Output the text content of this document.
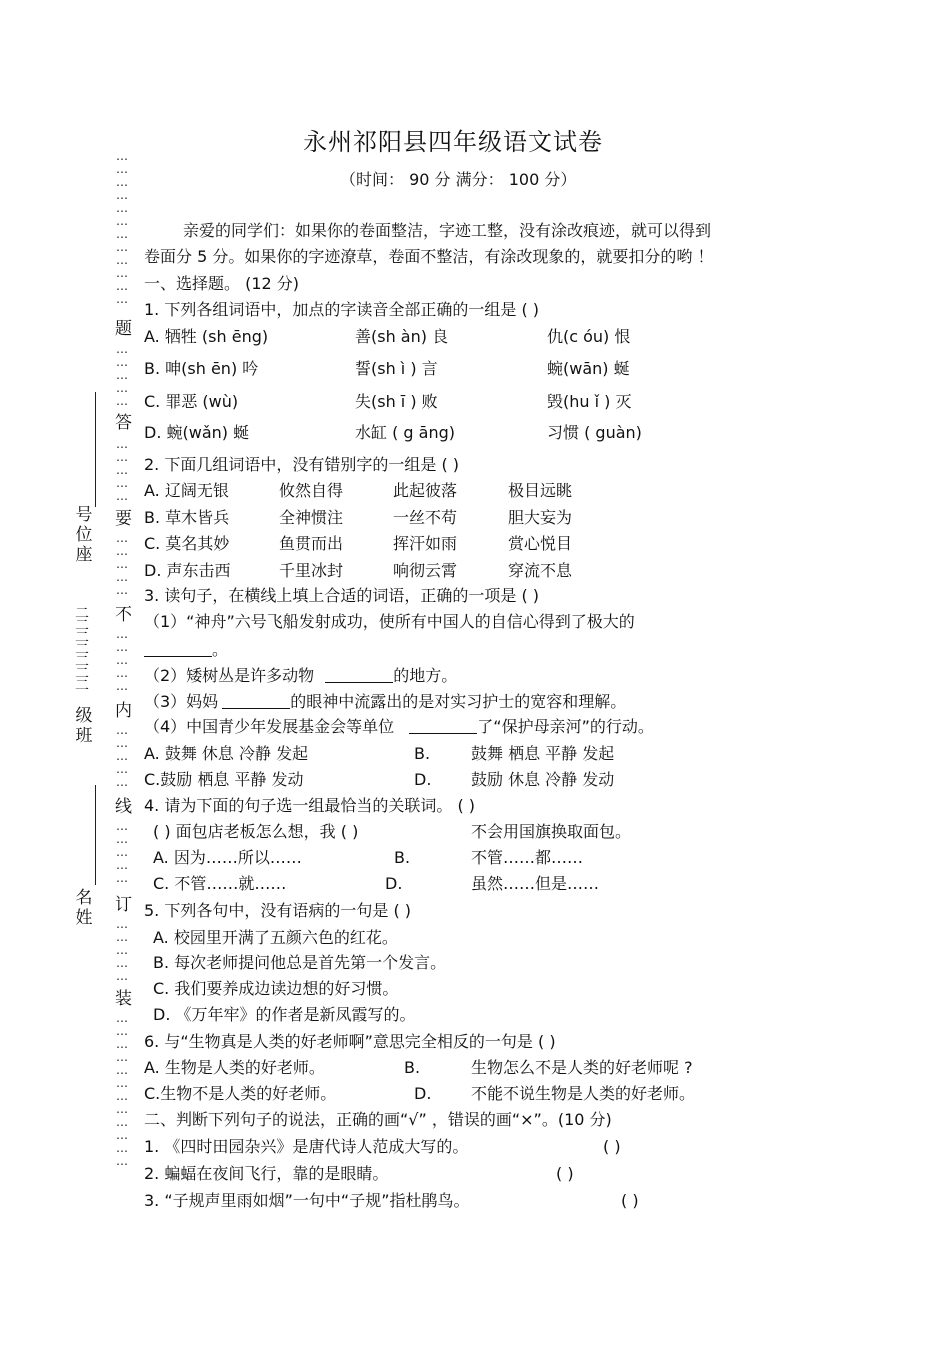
…
…
…
…
…
…
…
…
…
…
…
…
题
…
…
…
…
…
答
…
…
…
…
…
要
…
…
…
…
…
不
…
…
…
…
…
内
…
…
…
…
…
线
…
…
…
…
…
订
…
…
…
…
…
装
…
…
…
…
…
…
…
…
…
…
…
…
号位座
二二二二二二二
级班
名姓
永州祁阳县四年级语文试卷
（时间： 90 分 满分： 100 分）
亲爱的同学们：如果你的卷面整洁，字迹工整，没有涂改痕迹，就可以得到
卷面分 5 分。如果你的字迹潦草，卷面不整洁，有涂改现象的，就要扣分的哟 ！
一、选择题。 (12 分)
1. 下列各组词语中，加点的字读音全部正确的一组是 ( )
A. 牺牲 (sh ēng)	善(sh àn) 良	仇(c óu) 恨
B. 呻(sh ēn) 吟	誓(sh ì ) 言	蜿(wān) 蜒
C. 罪恶 (wù)	失(sh ī ) 败	毁(hu ǐ ) 灭
D. 蜿(wǎn) 蜒	水缸 ( g āng)	习惯 ( guàn)
2. 下面几组词语中，没有错别字的一组是 ( )
A. 辽阔无银	攸然自得	此起彼落	极目远眺
B. 草木皆兵	全神惯注	一丝不苟	胆大妄为
C. 莫名其妙	鱼贯而出	挥汗如雨	赏心悦目
D. 声东击西	千里冰封	响彻云霄	穿流不息
3. 读句子，在横线上填上合适的词语，正确的一项是 ( )
（1）“神舟”六号飞船发射成功，使所有中国人的自信心得到了极大的
。
（2）矮树丛是许多动物	的地方。
（3）妈妈	的眼神中流露出的是对实习护士的宽容和理解。
（4）中国青少年发展基金会等单位	了“保护母亲河”的行动。
A. 鼓舞 休息 冷静 发起	B.	鼓舞 栖息 平静 发起
C.鼓励 栖息 平静 发动	D. 鼓励 休息 冷静 发动
4. 请为下面的句子选一组最恰当的关联词。 ( )
( ) 面包店老板怎么想，我 ( )	不会用国旗换取面包。
A. 因为……所以……	B.	不管……都……
C. 不管……就……	D.	虽然……但是……
5. 下列各句中，没有语病的一句是 ( )
A. 校园里开满了五颜六色的红花。
B. 每次老师提问他总是首先第一个发言。
C. 我们要养成边读边想的好习惯。
D. 《万年牢》的作者是新凤霞写的。
6. 与“生物真是人类的好老师啊”意思完全相反的一句是 ( )
A. 生物是人类的好老师。	B.	生物怎么不是人类的好老师呢 ?
C.生物不是人类的好老师。	D. 不能不说生物是人类的好老师。
二、判断下列句子的说法，正确的画“√” ，错误的画“×”。(10 分)
1. 《四时田园杂兴》是唐代诗人范成大写的。	( )
2. 蝙蝠在夜间飞行，靠的是眼睛。	( )
3. “子规声里雨如烟”一句中“子规”指杜鹃鸟。	( )
